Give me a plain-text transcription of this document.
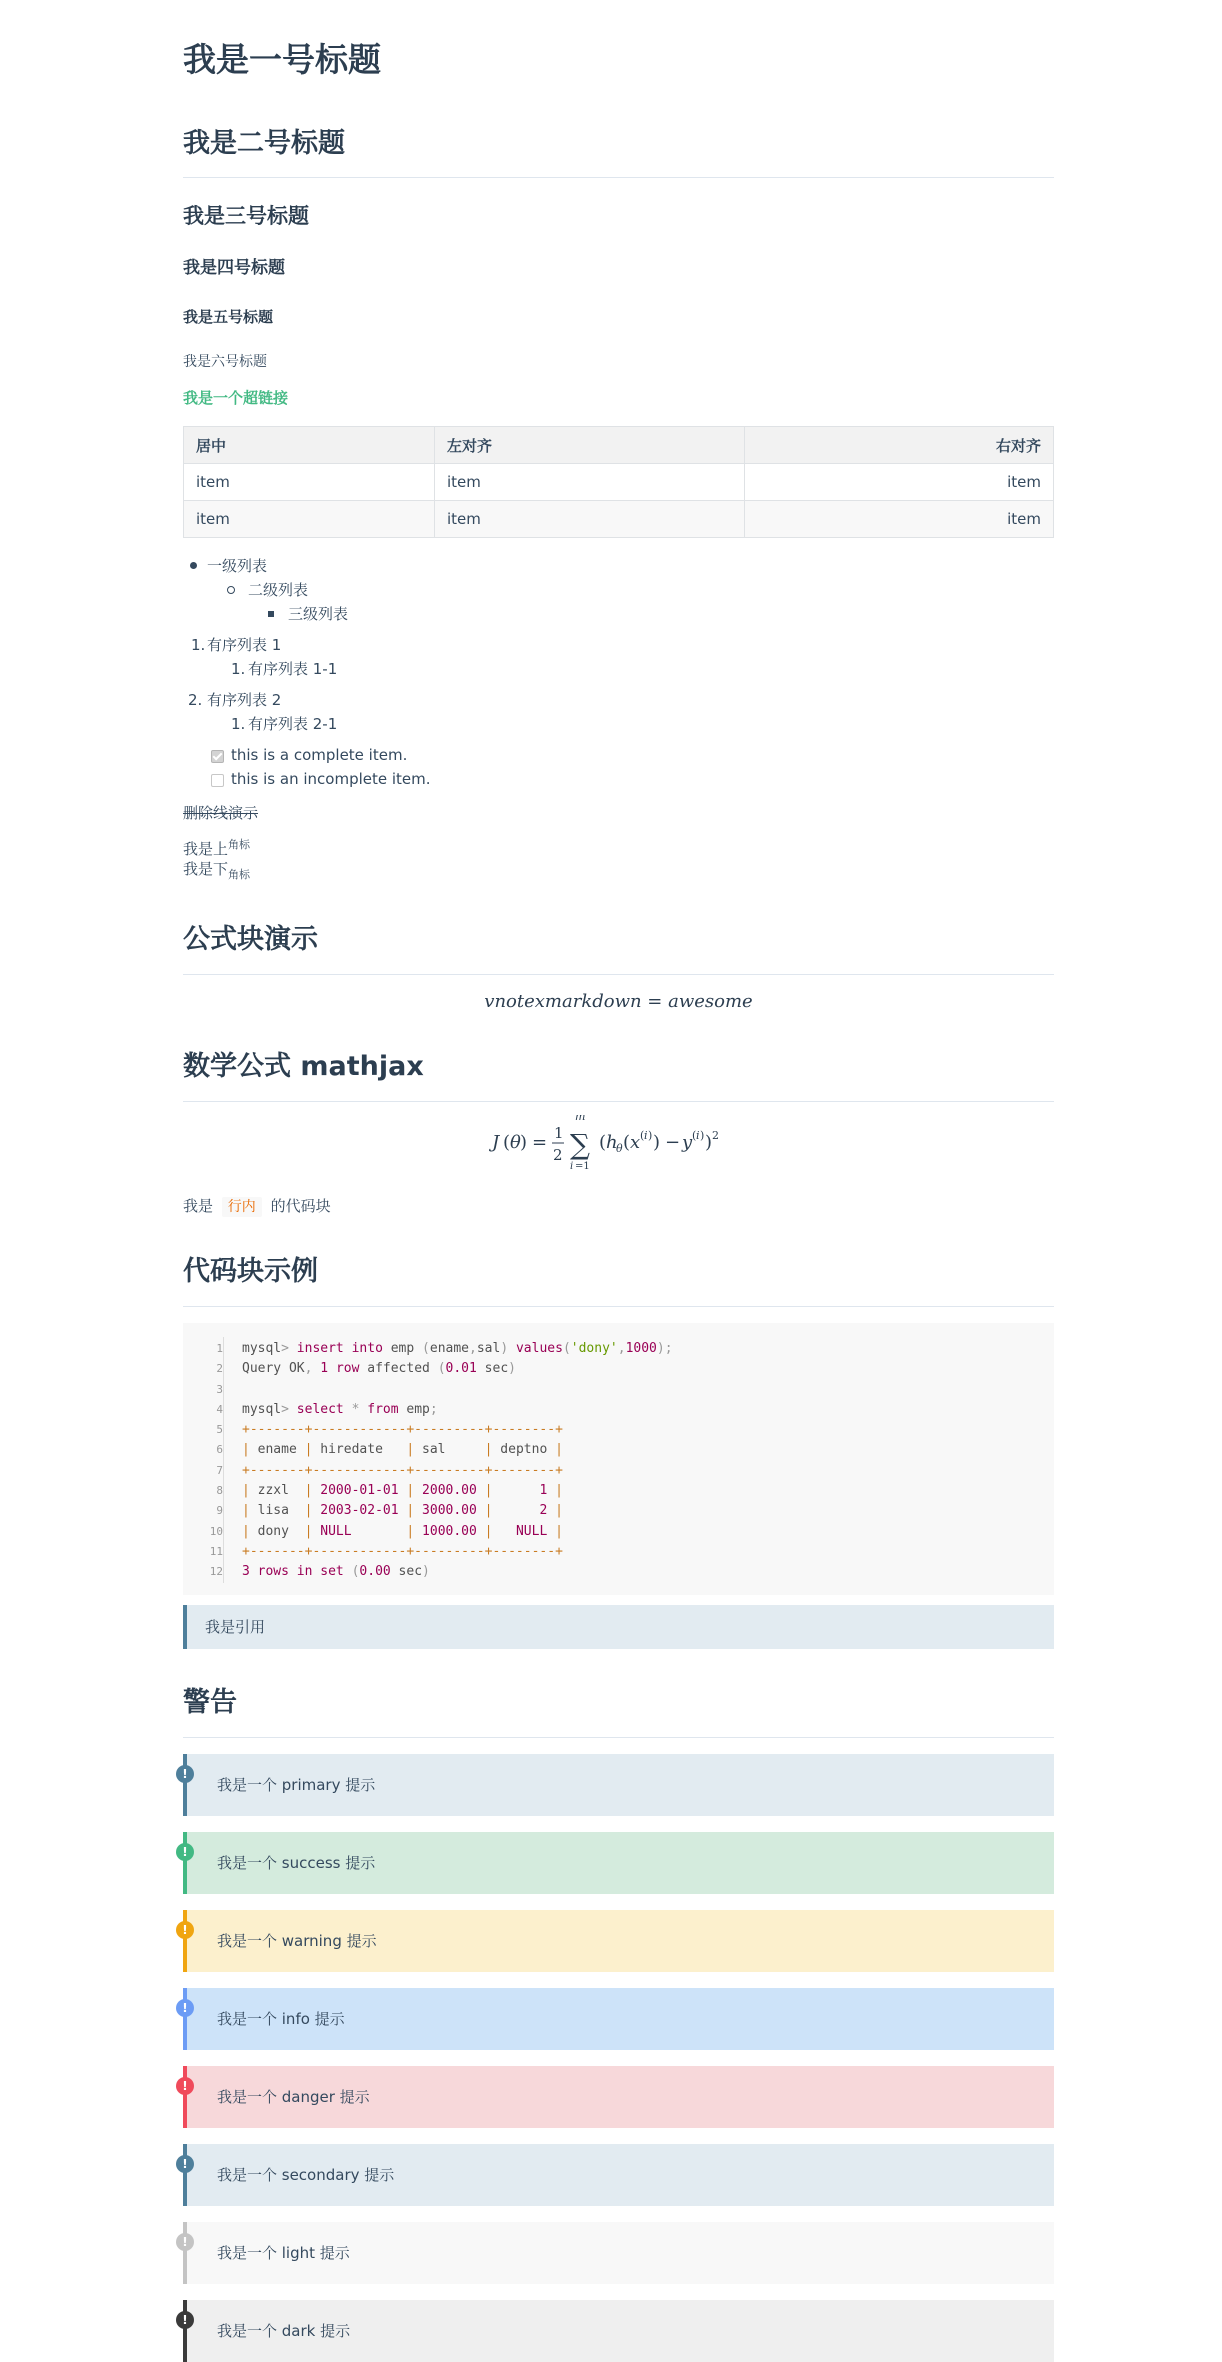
我是一号标题
我是二号标题
我是三号标题
我是四号标题
我是五号标题
我是六号标题
我是一个超链接
居中	左对齐	右对齐
item	item	item
item	item	item
一级列表
二级列表
三级列表
1. 有序列表 1
1. 有序列表 1-1
2. 有序列表 2
1. 有序列表 2-1
this is a complete item.
this is an incomplete item.
删除线演示
我是上$^{角标}$
我是下$_{角标}$
公式块演示
vnotexmarkdown = awesome
数学公式 mathjax
J ( θ ) = 1
2
m
∑
i =1
( h
θ ( x ( i ) ) − y ( i ) ) 2
我是 行内 的代码块
代码块示例
1
2
3
4
5
6
7
8
9
10
11
12
mysql> insert into emp (ename,sal) values('dony',1000);
Query OK, 1 row affected (0.01 sec)

mysql> select * from emp;
+-------+------------+---------+--------+
| ename | hiredate   | sal     | deptno |
+-------+------------+---------+--------+
| zzxl  | 2000-01-01 | 2000.00 |	1 |
| lisa  | 2003-02-01 | 3000.00 |	2 |
| dony  | NULL	| 1000.00 | NULL |
+-------+------------+---------+--------+
3 rows in set (0.00 sec)
我是引用
警告
!
我是一个 primary 提示
!
我是一个 success 提示
!
我是一个 warning 提示
!
我是一个 info 提示
!
我是一个 danger 提示
!
我是一个 secondary 提示
!
我是一个 light 提示
!
我是一个 dark 提示
